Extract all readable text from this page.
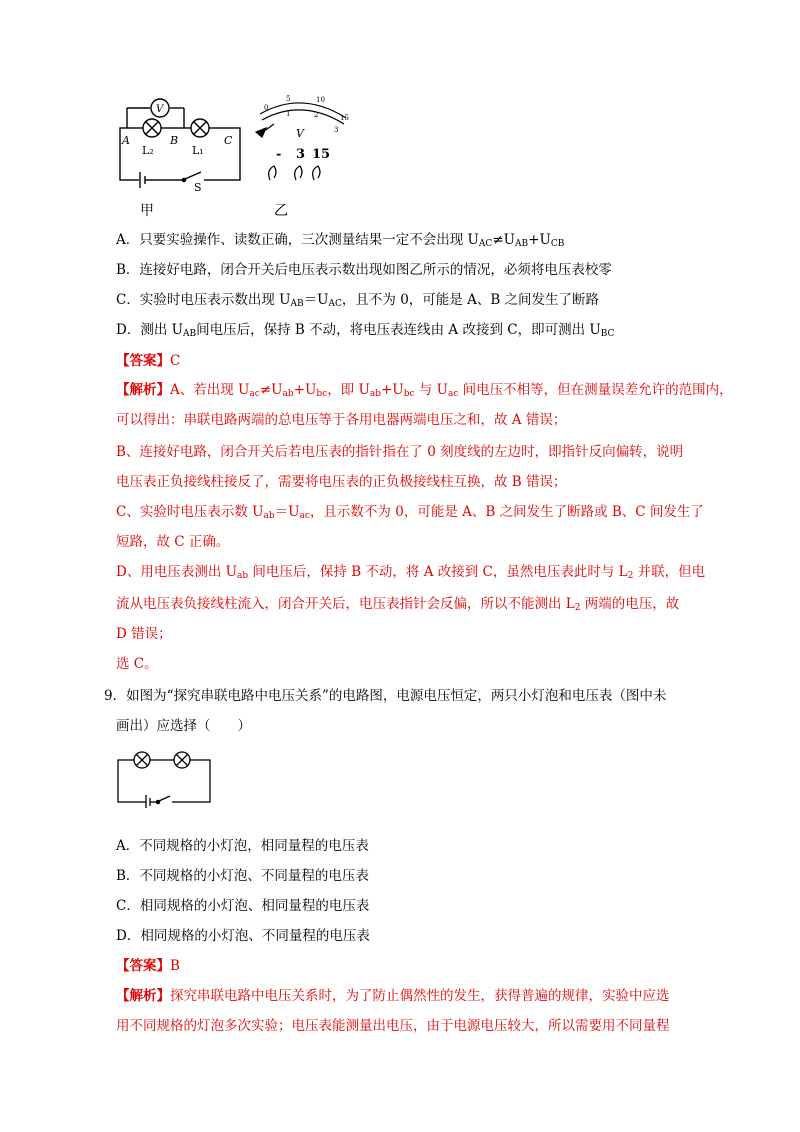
V
A	B	C
L₂	L₁
S
V
0
5	10
15
1	2
3
- 3 15
甲	乙
A．只要实验操作、读数正确，三次测量结果一定不会出现 $U_{AC}\ne U_{AB}+U_{CB}$
B．连接好电路，闭合开关后电压表示数出现如图乙所示的情况，必须将电压表校零
C．实验时电压表示数出现 $U_{AB}=U_{AC}$，且不为 0，可能是 A、B 之间发生了断路
D．测出 $U_{AB}$间电压后，保持 B 不动，将电压表连线由 A 改接到 C，即可测出 $U_{BC}$
【答案】C
【解析】A、若出现 $U_{ac}\ne U_{ab}+U_{bc}$，即 $U_{ab}+U_{bc}$ 与 $U_{ac}$ 间电压不相等，但在测量误差允许的范围内，
可以得出：串联电路两端的总电压等于各用电器两端电压之和，故 A 错误；
B、连接好电路，闭合开关后若电压表的指针指在了 0 刻度线的左边时，即指针反向偏转，说明
电压表正负接线柱接反了，需要将电压表的正负极接线柱互换，故 B 错误；
C、实验时电压表示数 $U_{ab}=U_{ac}$，且示数不为 0，可能是 A、B 之间发生了断路或 B、C 间发生了
短路，故 C 正确。
D、用电压表测出 $U_{ab}$ 间电压后，保持 B 不动，将 A 改接到 C，虽然电压表此时与 $L_2$ 并联，但电
流从电压表负接线柱流入，闭合开关后，电压表指针会反偏，所以不能测出 $L_2$ 两端的电压，故
D 错误；
选 C。
9．如图为“探究串联电路中电压关系”的电路图，电源电压恒定，两只小灯泡和电压表（图中未
画出）应选择（　　）
A．不同规格的小灯泡，相同量程的电压表
B．不同规格的小灯泡、不同量程的电压表
C．相同规格的小灯泡、相同量程的电压表
D．相同规格的小灯泡、不同量程的电压表
【答案】B
【解析】探究串联电路中电压关系时，为了防止偶然性的发生，获得普遍的规律，实验中应选
用不同规格的灯泡多次实验；电压表能测量出电压，由于电源电压较大，所以需要用不同量程
